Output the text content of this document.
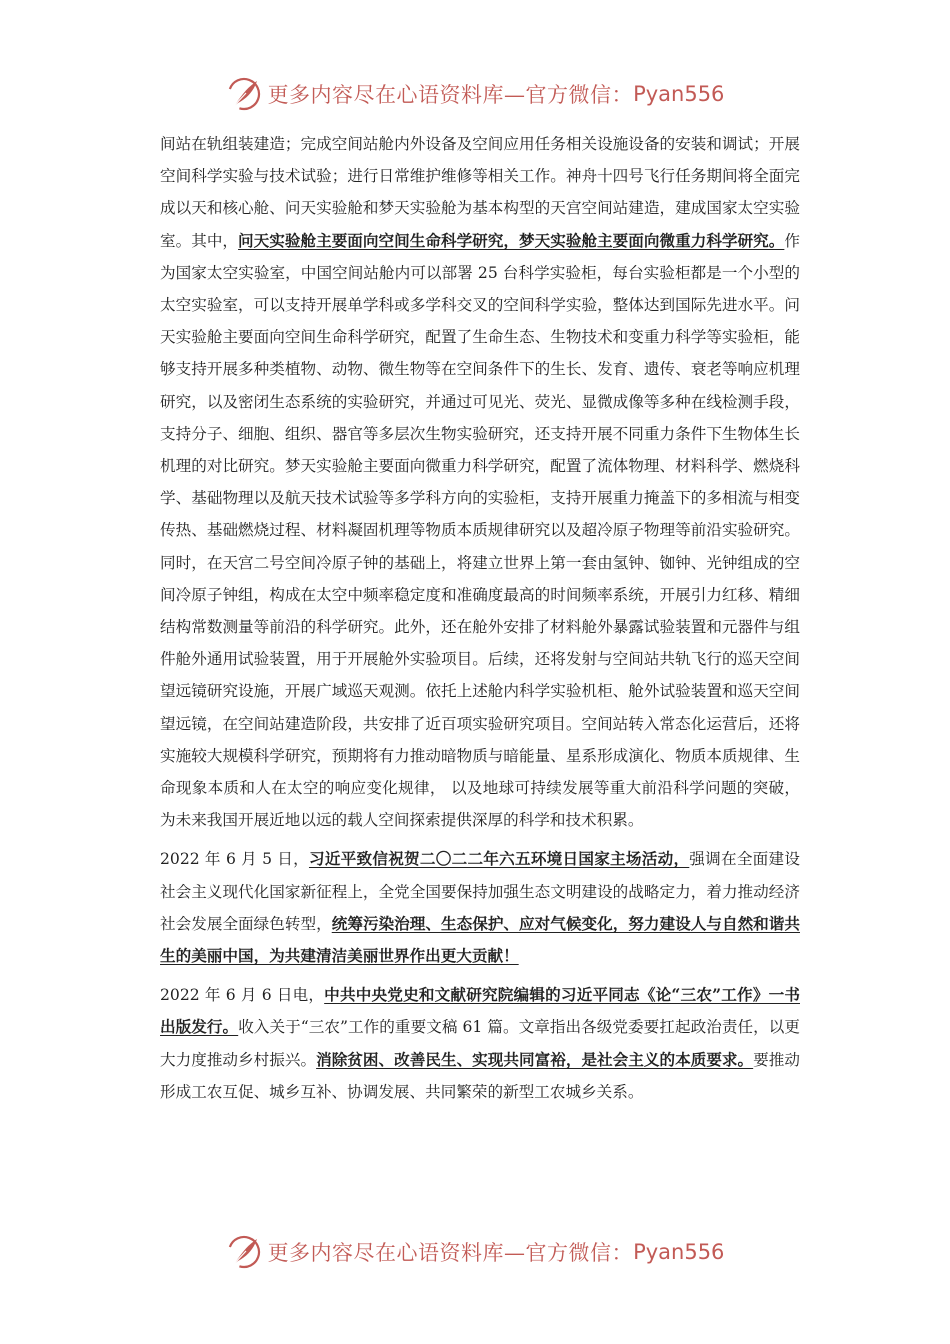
更多内容尽在心语资料库—官方微信： Pyan556

间站在轨组装建造；完成空间站舱内外设备及空间应用任务相关设施设备的安装和调试；开展空间科学实验与技术试验；进行日常维护维修等相关工作。神舟十四号飞行任务期间将全面完成以天和核心舱、问天实验舱和梦天实验舱为基本构型的天宫空间站建造，建成国家太空实验室。其中，问天实验舱主要面向空间生命科学研究，梦天实验舱主要面向微重力科学研究。作为国家太空实验室，中国空间站舱内可以部署 25 台科学实验柜，每台实验柜都是一个小型的太空实验室，可以支持开展单学科或多学科交叉的空间科学实验，整体达到国际先进水平。问天实验舱主要面向空间生命科学研究，配置了生命生态、生物技术和变重力科学等实验柜，能够支持开展多种类植物、动物、微生物等在空间条件下的生长、发育、遗传、衰老等响应机理研究，以及密闭生态系统的实验研究，并通过可见光、荧光、显微成像等多种在线检测手段，支持分子、细胞、组织、器官等多层次生物实验研究，还支持开展不同重力条件下生物体生长机理的对比研究。梦天实验舱主要面向微重力科学研究，配置了流体物理、材料科学、燃烧科学、基础物理以及航天技术试验等多学科方向的实验柜，支持开展重力掩盖下的多相流与相变传热、基础燃烧过程、材料凝固机理等物质本质规律研究以及超冷原子物理等前沿实验研究。同时，在天宫二号空间冷原子钟的基础上，将建立世界上第一套由氢钟、铷钟、光钟组成的空间冷原子钟组，构成在太空中频率稳定度和准确度最高的时间频率系统，开展引力红移、精细结构常数测量等前沿的科学研究。此外，还在舱外安排了材料舱外暴露试验装置和元器件与组件舱外通用试验装置，用于开展舱外实验项目。后续，还将发射与空间站共轨飞行的巡天空间望远镜研究设施，开展广域巡天观测。依托上述舱内科学实验机柜、舱外试验装置和巡天空间望远镜，在空间站建造阶段，共安排了近百项实验研究项目。空间站转入常态化运营后，还将实施较大规模科学研究，预期将有力推动暗物质与暗能量、星系形成演化、物质本质规律、生命现象本质和人在太空的响应变化规律， 以及地球可持续发展等重大前沿科学问题的突破，为未来我国开展近地以远的载人空间探索提供深厚的科学和技术积累。

2022 年 6 月 5 日，习近平致信祝贺二〇二二年六五环境日国家主场活动，强调在全面建设社会主义现代化国家新征程上，全党全国要保持加强生态文明建设的战略定力，着力推动经济社会发展全面绿色转型，统筹污染治理、生态保护、应对气候变化，努力建设人与自然和谐共生的美丽中国，为共建清洁美丽世界作出更大贡献！

2022 年 6 月 6 日电，中共中央党史和文献研究院编辑的习近平同志《论“三农”工作》一书出版发行。收入关于“三农”工作的重要文稿 61 篇。文章指出各级党委要扛起政治责任，以更大力度推动乡村振兴。消除贫困、改善民生、实现共同富裕，是社会主义的本质要求。要推动形成工农互促、城乡互补、协调发展、共同繁荣的新型工农城乡关系。

更多内容尽在心语资料库—官方微信： Pyan556
